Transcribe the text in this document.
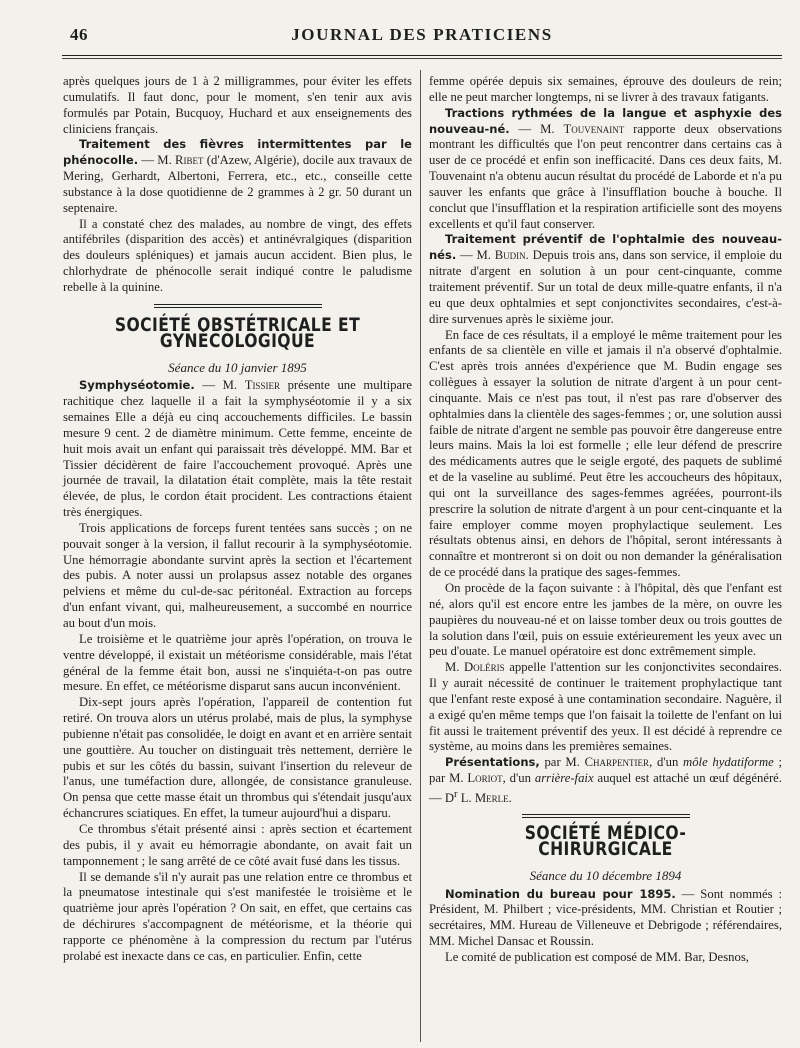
46	JOURNAL DES PRATICIENS

après quelques jours de 1 à 2 milligrammes, pour éviter les effets cumulatifs. Il faut donc, pour le moment, s'en tenir aux avis formulés par Potain, Bucquoy, Huchard et aux enseignements des cliniciens français.

Traitement des fièvres intermittentes par le phénocolle. — M. Ribet (d'Azew, Algérie), docile aux travaux de Mering, Gerhardt, Albertoni, Ferrera, etc., etc., conseille cette substance à la dose quotidienne de 2 grammes à 2 gr. 50 durant un septenaire.

Il a constaté chez des malades, au nombre de vingt, des effets antifébriles (disparition des accès) et antinévralgiques (disparition des douleurs spléniques) et jamais aucun accident. Bien plus, le chlorhydrate de phénocolle serait indiqué contre le paludisme rebelle à la quinine.

SOCIÉTÉ OBSTÉTRICALE ET GYNÉCOLOGIQUE
Séance du 10 janvier 1895

Symphyséotomie. — M. Tissier présente une multipare rachitique chez laquelle il a fait la symphyséotomie il y a six semaines Elle a déjà eu cinq accouchements difficiles. Le bassin mesure 9 cent. 2 de diamètre minimum. Cette femme, enceinte de huit mois avait un enfant qui paraissait très développé. MM. Bar et Tissier décidèrent de faire l'accouchement provoqué. Après une journée de travail, la dilatation était complète, mais la tête restait élevée, de plus, le cordon était procident. Les contractions étaient très énergiques.

Trois applications de forceps furent tentées sans succès ; on ne pouvait songer à la version, il fallut recourir à la symphyséotomie. Une hémorragie abondante survint après la section et l'écartement des pubis. A noter aussi un prolapsus assez notable des organes pelviens et même du cul-de-sac péritonéal. Extraction au forceps d'un enfant vivant, qui, malheureusement, a succombé en nourrice au bout d'un mois.

Le troisième et le quatrième jour après l'opération, on trouva le ventre développé, il existait un météorisme considérable, mais l'état général de la femme était bon, aussi ne s'inquiéta-t-on pas outre mesure. En effet, ce météorisme disparut sans aucun inconvénient.

Dix-sept jours après l'opération, l'appareil de contention fut retiré. On trouva alors un utérus prolabé, mais de plus, la symphyse pubienne n'était pas consolidée, le doigt en avant et en arrière sentait une gouttière. Au toucher on distinguait très nettement, derrière le pubis et sur les côtés du bassin, suivant l'insertion du releveur de l'anus, une tuméfaction dure, allongée, de consistance granuleuse. On pensa que cette masse était un thrombus qui s'étendait jusqu'aux échancrures sciatiques. En effet, la tumeur aujourd'hui a disparu.

Ce thrombus s'était présenté ainsi : après section et écartement des pubis, il y avait eu hémorragie abondante, on avait fait un tamponnement ; le sang arrêté de ce côté avait fusé dans les tissus.

Il se demande s'il n'y aurait pas une relation entre ce thrombus et la pneumatose intestinale qui s'est manifestée le troisième et le quatrième jour après l'opération ? On sait, en effet, que certains cas de déchirures s'accompagnent de météorisme, et la théorie qui rapporte ce phénomène à la compression du rectum par l'utérus prolabé est inexacte dans ce cas, en particulier. Enfin, cette

femme opérée depuis six semaines, éprouve des douleurs de rein; elle ne peut marcher longtemps, ni se livrer à des travaux fatigants.

Tractions rythmées de la langue et asphyxie des nouveau-né. — M. Touvenaint rapporte deux observations montrant les difficultés que l'on peut rencontrer dans certains cas à user de ce procédé et enfin son inefficacité. Dans ces deux faits, M. Touvenaint n'a obtenu aucun résultat du procédé de Laborde et n'a pu sauver les enfants que grâce à l'insufflation bouche à bouche. Il conclut que l'insufflation et la respiration artificielle sont des moyens excellents et qu'il faut conserver.

Traitement préventif de l'ophtalmie des nouveau-nés. — M. Budin. Depuis trois ans, dans son service, il emploie du nitrate d'argent en solution à un pour cent-cinquante, comme traitement préventif. Sur un total de deux mille-quatre enfants, il n'a eu que deux ophtalmies et sept conjonctivites secondaires, c'est-à-dire survenues après le sixième jour.

En face de ces résultats, il a employé le même traitement pour les enfants de sa clientèle en ville et jamais il n'a observé d'ophtalmie. C'est après trois années d'expérience que M. Budin engage ses collègues à essayer la solution de nitrate d'argent à un pour cent-cinquante. Mais ce n'est pas tout, il n'est pas rare d'observer des ophtalmies dans la clientèle des sages-femmes ; or, une solution aussi faible de nitrate d'argent ne semble pas pouvoir être dangereuse entre leurs mains. Mais la loi est formelle ; elle leur défend de prescrire des médicaments autres que le seigle ergoté, des paquets de sublimé et de la vaseline au sublimé. Peut être les accoucheurs des hôpitaux, qui ont la surveillance des sages-femmes agréées, pourront-ils prescrire la solution de nitrate d'argent à un pour cent-cinquante et la faire employer comme moyen prophylactique seulement. Les résultats obtenus ainsi, en dehors de l'hôpital, seront intéressants à connaître et montreront si on doit ou non demander la généralisation de ce procédé dans la pratique des sages-femmes.

On procède de la façon suivante : à l'hôpital, dès que l'enfant est né, alors qu'il est encore entre les jambes de la mère, on ouvre les paupières du nouveau-né et on laisse tomber deux ou trois gouttes de la solution dans l'œil, puis on essuie extérieurement les yeux avec un peu d'ouate. Le manuel opératoire est donc extrêmement simple.

M. Doléris appelle l'attention sur les conjonctivites secondaires. Il y aurait nécessité de continuer le traitement prophylactique tant que l'enfant reste exposé à une contamination secondaire. Naguère, il a exigé qu'en même temps que l'on faisait la toilette de l'enfant on lui fit aussi le traitement préventif des yeux. Il est décidé à reprendre ce système, au moins dans les premières semaines.

Présentations, par M. Charpentier, d'un môle hydatiforme ; par M. Loriot, d'un arrière-faix auquel est attaché un œuf dégénéré. — $D^r$ L. Merle.

SOCIÉTÉ MÉDICO-CHIRURGICALE
Séance du 10 décembre 1894

Nomination du bureau pour 1895. — Sont nommés : Président, M. Philbert ; vice-présidents, MM. Christian et Routier ; secrétaires, MM. Hureau de Villeneuve et Debrigode ; référendaires, MM. Michel Dansac et Roussin.

Le comité de publication est composé de MM. Bar, Desnos,
